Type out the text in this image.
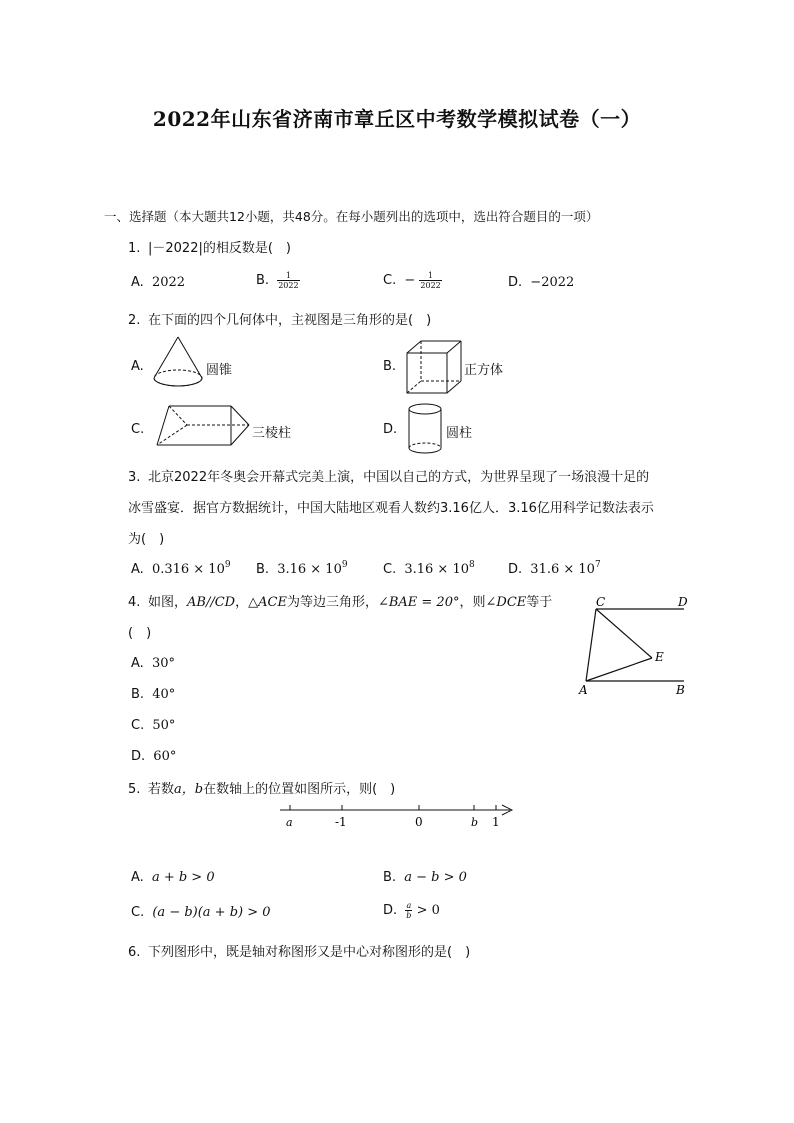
2022年山东省济南市章丘区中考数学模拟试卷（一）
一、选择题（本大题共12小题，共48分。在每小题列出的选项中，选出符合题目的一项）
1. |－2022|的相反数是(　)
A. 2022	B. $\frac{1}{2022}$	C. − $\frac{1}{2022}$	D. −2022
2. 在下面的四个几何体中，主视图是三角形的是(　)
A.	圆锥	B.	正方体
C.	三棱柱	D.	圆柱
3. 北京2022年冬奥会开幕式完美上演，中国以自己的方式，为世界呈现了一场浪漫十足的
冰雪盛宴．据官方数据统计，中国大陆地区观看人数约3.16亿人．3.16亿用科学记数法表示
为(　)
A. $0.316 \times 10^9$ B. $3.16 \times 10^9$	C. $3.16 \times 10^8$	D. $31.6 \times 10^7$
4. 如图，AB//CD，△ACE为等边三角形，∠BAE = 20°，则∠DCE等于
(　)
A. 30°
B. 40°
C. 50°
D. 60°
C	D
E
A	B
5. 若数a，b在数轴上的位置如图所示，则(　)
a	-1	0	b 1
A. a + b > 0	B. a − b > 0
C. (a − b)(a + b) > 0	D. $\frac{a}{b} > 0$
6. 下列图形中，既是轴对称图形又是中心对称图形的是(　)
